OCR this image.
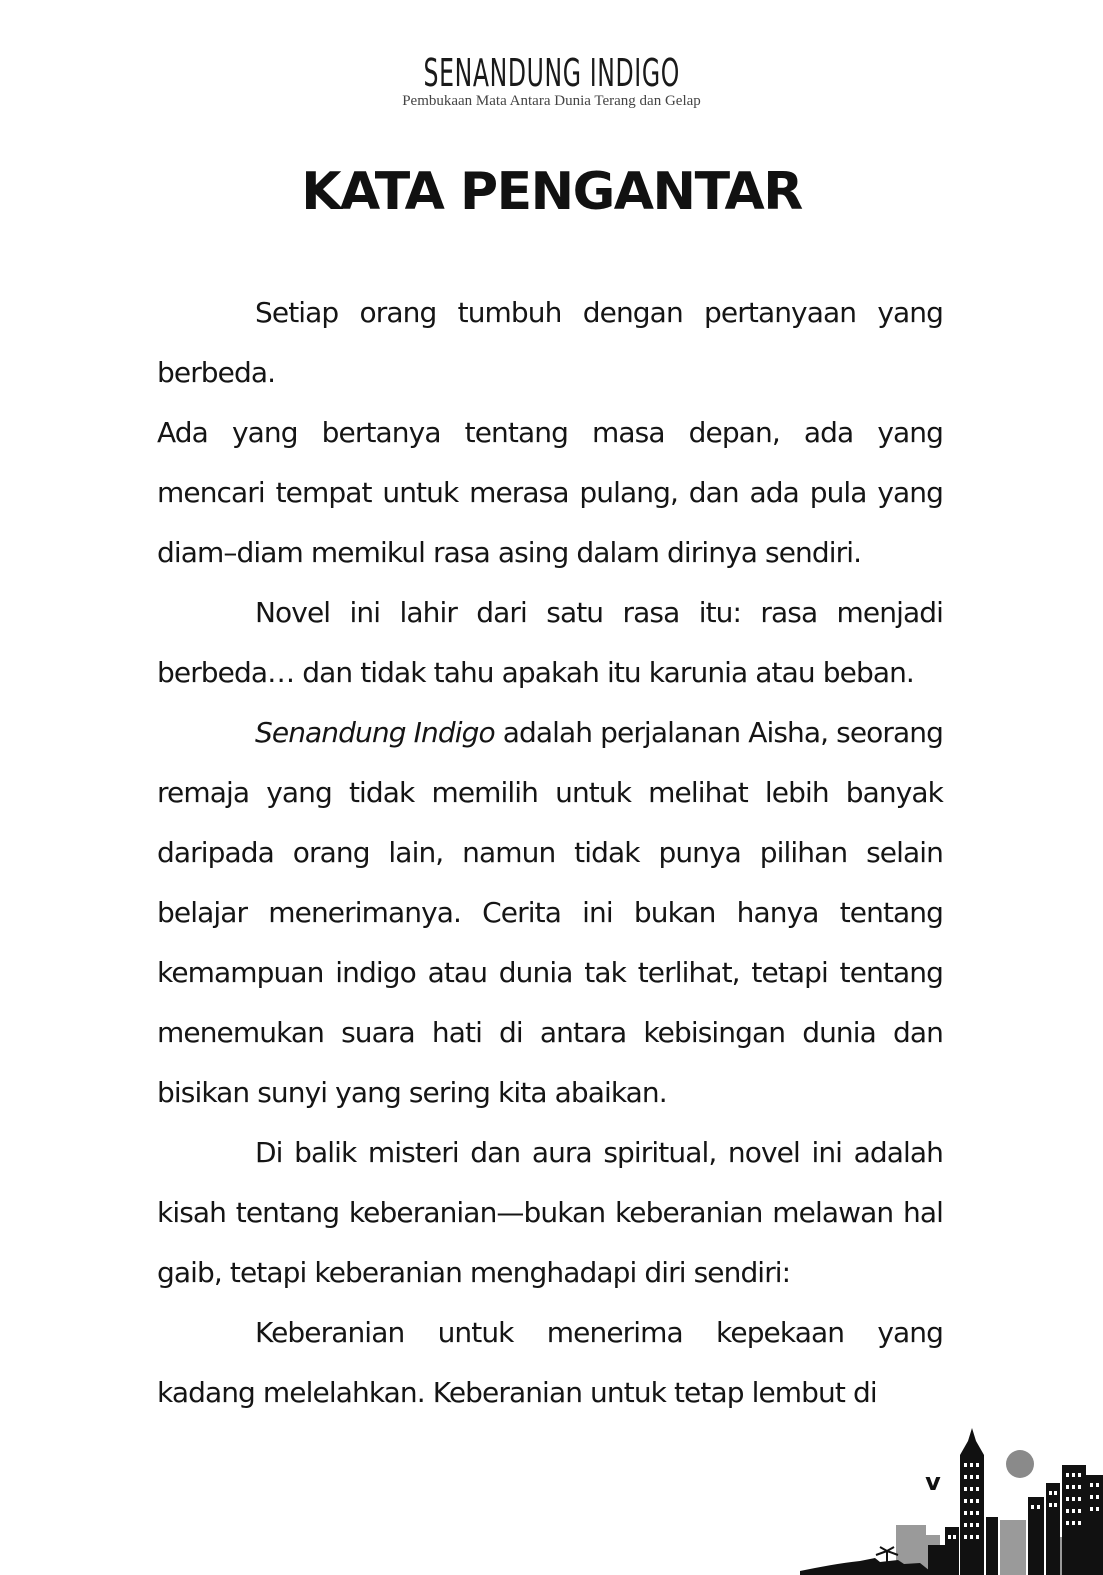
SENANDUNG INDIGO
Pembukaan Mata Antara Dunia Terang dan Gelap
KATA PENGANTAR

Setiap orang tumbuh dengan pertanyaan yang berbeda.

Ada yang bertanya tentang masa depan, ada yang mencari tempat untuk merasa pulang, dan ada pula yang diam–diam memikul rasa asing dalam dirinya sendiri.

Novel ini lahir dari satu rasa itu: rasa menjadi berbeda… dan tidak tahu apakah itu karunia atau beban.

Senandung Indigo adalah perjalanan Aisha, seorang remaja yang tidak memilih untuk melihat lebih banyak daripada orang lain, namun tidak punya pilihan selain belajar menerimanya. Cerita ini bukan hanya tentang kemampuan indigo atau dunia tak terlihat, tetapi tentang menemukan suara hati di antara kebisingan dunia dan bisikan sunyi yang sering kita abaikan.

Di balik misteri dan aura spiritual, novel ini adalah kisah tentang keberanian—bukan keberanian melawan hal gaib, tetapi keberanian menghadapi diri sendiri:

Keberanian untuk menerima kepekaan yang kadang melelahkan. Keberanian untuk tetap lembut di

v
